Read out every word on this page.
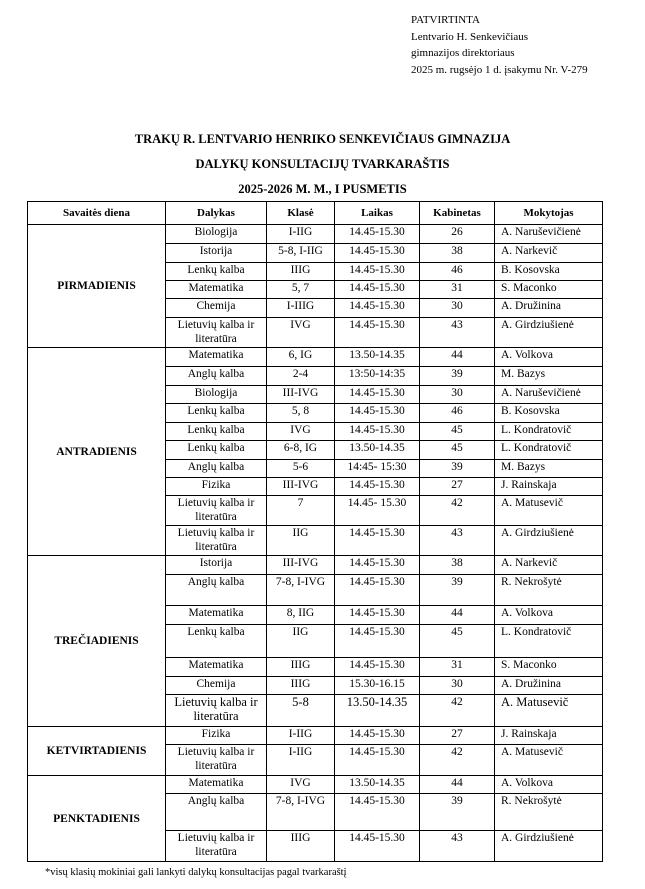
PATVIRTINTA
Lentvario H. Senkevičiaus
gimnazijos direktoriaus
2025 m. rugsėjo 1 d. įsakymu Nr. V-279
TRAKŲ R. LENTVARIO HENRIKO SENKEVIČIAUS GIMNAZIJA
DALYKŲ KONSULTACIJŲ TVARKARAŠTIS
2025-2026 M. M., I PUSMETIS
Savaitės diena	Dalykas	Klasė	Laikas	Kabinetas	Mokytojas
PIRMADIENIS	Biologija	I-IIG	14.45-15.30	26	A. Naruševičienė
	Istorija	5-8, I-IIG	14.45-15.30	38	A. Narkevič
	Lenkų kalba	IIIG	14.45-15.30	46	B. Kosovska
	Matematika	5, 7	14.45-15.30	31	S. Maconko
	Chemija	I-IIIG	14.45-15.30	30	A. Družinina
	Lietuvių kalba ir literatūra	IVG	14.45-15.30	43	A. Girdziušienė
ANTRADIENIS	Matematika	6, IG	13.50-14.35	44	A. Volkova
	Anglų kalba	2-4	13:50-14:35	39	M. Bazys
	Biologija	III-IVG	14.45-15.30	30	A. Naruševičienė
	Lenkų kalba	5, 8	14.45-15.30	46	B. Kosovska
	Lenkų kalba	IVG	14.45-15.30	45	L. Kondratovič
	Lenkų kalba	6-8, IG	13.50-14.35	45	L. Kondratovič
	Anglų kalba	5-6	14:45- 15:30	39	M. Bazys
	Fizika	III-IVG	14.45-15.30	27	J. Rainskaja
	Lietuvių kalba ir literatūra	7	14.45- 15.30	42	A. Matusevič
	Lietuvių kalba ir literatūra	IIG	14.45-15.30	43	A. Girdziušienė
TREČIADIENIS	Istorija	III-IVG	14.45-15.30	38	A. Narkevič
	Anglų kalba	7-8, I-IVG	14.45-15.30	39	R. Nekrošytė
	Matematika	8, IIG	14.45-15.30	44	A. Volkova
	Lenkų kalba	IIG	14.45-15.30	45	L. Kondratovič
	Matematika	IIIG	14.45-15.30	31	S. Maconko
	Chemija	IIIG	15.30-16.15	30	A. Družinina
	Lietuvių kalba ir literatūra	5-8	13.50-14.35	42	A. Matusevič
KETVIRTADIENIS	Fizika	I-IIG	14.45-15.30	27	J. Rainskaja
	Lietuvių kalba ir literatūra	I-IIG	14.45-15.30	42	A. Matusevič
PENKTADIENIS	Matematika	IVG	13.50-14.35	44	A. Volkova
	Anglų kalba	7-8, I-IVG	14.45-15.30	39	R. Nekrošytė
	Lietuvių kalba ir literatūra	IIIG	14.45-15.30	43	A. Girdziušienė
*visų klasių mokiniai gali lankyti dalykų konsultacijas pagal tvarkaraštį
